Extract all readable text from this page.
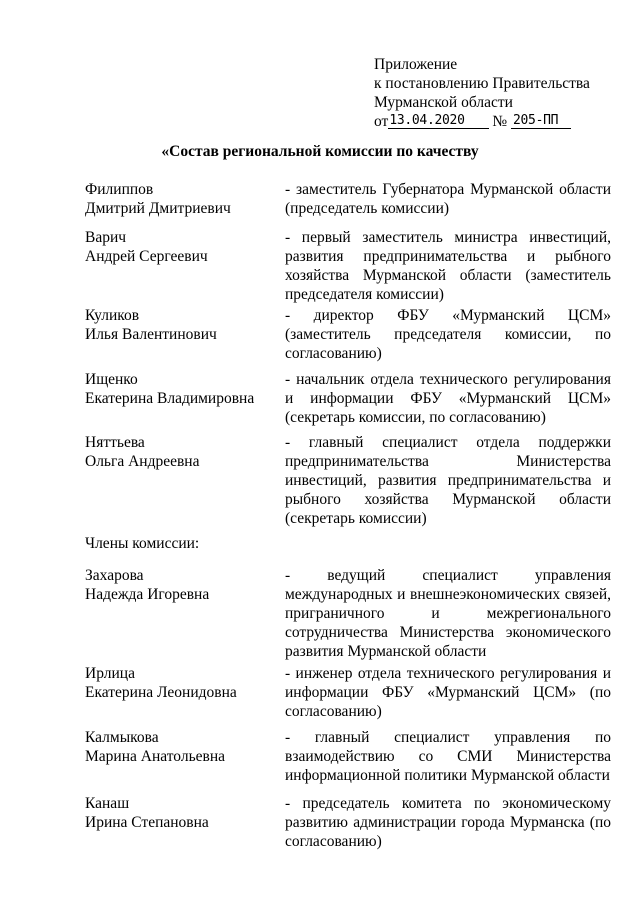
Приложение
к постановлению Правительства
Мурманской области
от13.04.2020 № 205-ПП
«Состав региональной комиссии по качеству
Филиппов
Дмитрий Дмитриевич
- заместитель Губернатора Мурманской области (председатель комиссии)
Варич
Андрей Сергеевич
- первый заместитель министра инвестиций, развития предпринимательства и рыбного хозяйства Мурманской области (заместитель председателя комиссии)
Куликов
Илья Валентинович
- директор ФБУ «Мурманский ЦСМ» (заместитель председателя комиссии, по согласованию)
Ищенко
Екатерина Владимировна
- начальник отдела технического регулирования и информации ФБУ «Мурманский ЦСМ» (секретарь комиссии, по согласованию)
Няттьева
Ольга Андреевна
- главный специалист отдела поддержки предпринимательства Министерства инвестиций, развития предпринимательства и рыбного хозяйства Мурманской области (секретарь комиссии)
Члены комиссии:
Захарова
Надежда Игоревна
- ведущий специалист управления международных и внешнеэкономических связей, приграничного и межрегионального сотрудничества Министерства экономического развития Мурманской области
Ирлица
Екатерина Леонидовна
- инженер отдела технического регулирования и информации ФБУ «Мурманский ЦСМ» (по согласованию)
Калмыкова
Марина Анатольевна
- главный специалист управления по взаимодействию со СМИ Министерства информационной политики Мурманской области
Канаш
Ирина Степановна
- председатель комитета по экономическому развитию администрации города Мурманска (по согласованию)
